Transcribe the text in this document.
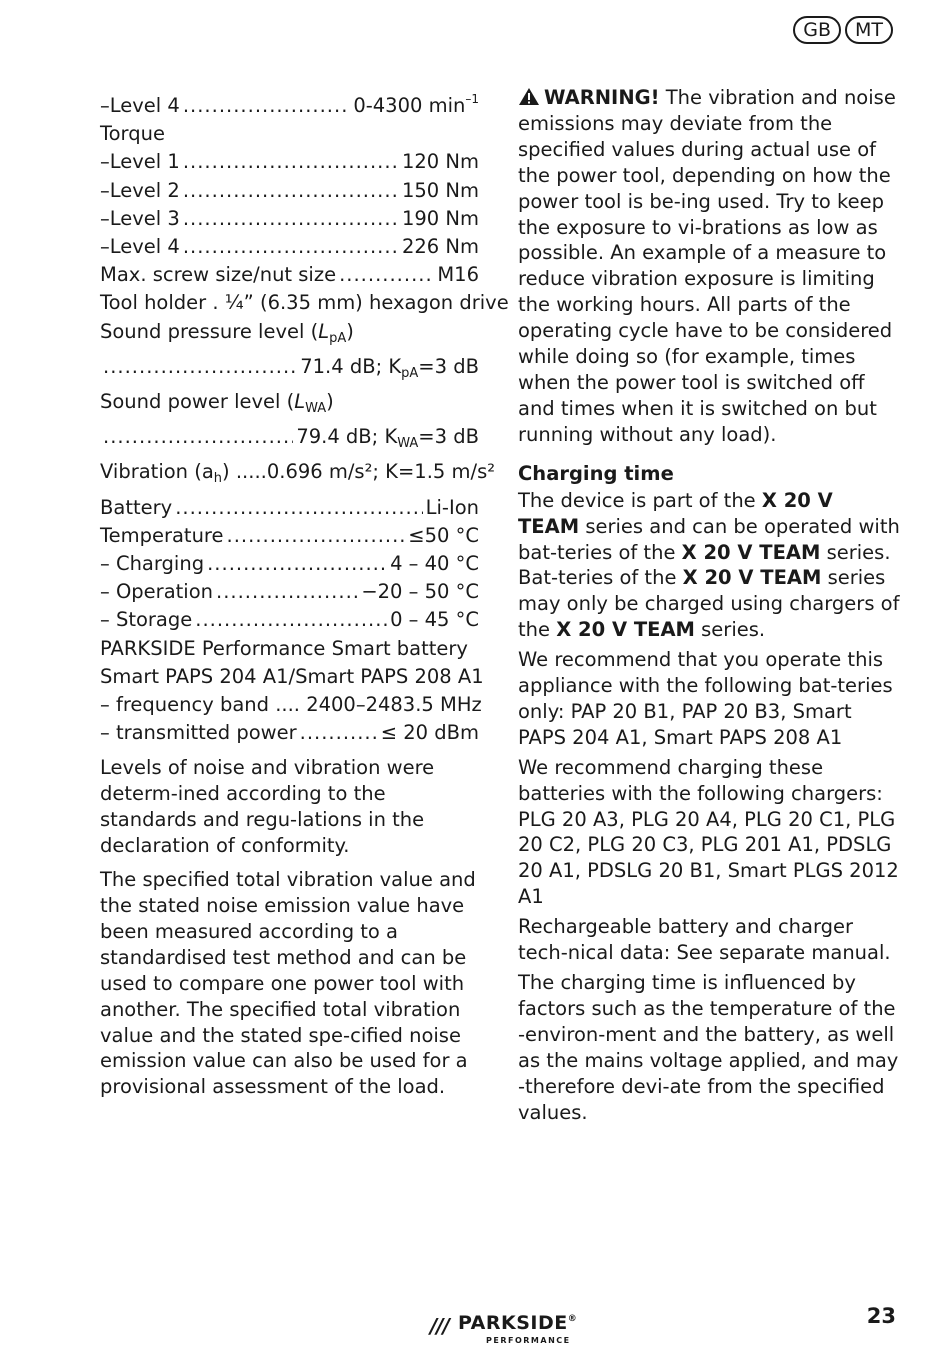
GB	MT
–Level 4 .....	0-4300 $\min^{-1}$
Torque
–Level 1 .....	120 Nm
–Level 2 .....	150 Nm
–Level 3 .....	190 Nm
–Level 4 .....	226 Nm
Max. screw size/nut size .....	M16
Tool holder . ¼” (6.35 mm) hexagon drive
Sound pressure level $(L_{pA})$
.....
71.4 dB; $K_{pA}=3$ dB
Sound power level $(L_{WA})$
.....
79.4 dB; $K_{WA}=3$ dB
Vibration $(a_h)$ .....0.696 m/s²; K=1.5 m/s²
Battery .....	Li-Ion
Temperature .....	≤50 °C
– Charging .....	4 – 40 °C
– Operation .....	−20 – 50 °C
– Storage .....	0 – 45 °C
PARKSIDE Performance Smart battery
Smart PAPS 204 A1/Smart PAPS 208 A1
– frequency band .... 2400–2483.5 MHz
– transmitted power .....	≤ 20 dBm
Levels of noise and vibration were determ-ined according to the standards and regu-lations in the declaration of conformity.
The specified total vibration value and the stated noise emission value have been measured according to a standardised test method and can be used to compare one power tool with another. The specified total vibration value and the stated spe-cified noise emission value can also be used for a provisional assessment of the load.
WARNING! The vibration and noise emissions may deviate from the specified values during actual use of the power tool, depending on how the power tool is be-ing used. Try to keep the exposure to vi-brations as low as possible. An example of a measure to reduce vibration exposure is limiting the working hours. All parts of the operating cycle have to be considered while doing so (for example, times when the power tool is switched off and times when it is switched on but running without any load).
Charging time
The device is part of the X 20 V TEAM series and can be operated with bat-teries of the X 20 V TEAM series. Bat-teries of the X 20 V TEAM series may only be charged using chargers of the X 20 V TEAM series.
We recommend that you operate this appliance with the following bat-teries only: PAP 20 B1, PAP 20 B3, Smart PAPS 204 A1, Smart PAPS 208 A1
We recommend charging these batteries with the following chargers: PLG 20 A3, PLG 20 A4, PLG 20 C1, PLG 20 C2, PLG 20 C3, PLG 201 A1, PDSLG 20 A1, PDSLG 20 B1, Smart PLGS 2012 A1
Rechargeable battery and charger tech-nical data: See separate manual.
The charging time is influenced by factors such as the temperature of the -environ-ment and the battery, as well as the mains voltage applied, and may -therefore devi-ate from the specified values.
/// PARKSIDE®
PERFORMANCE
23
